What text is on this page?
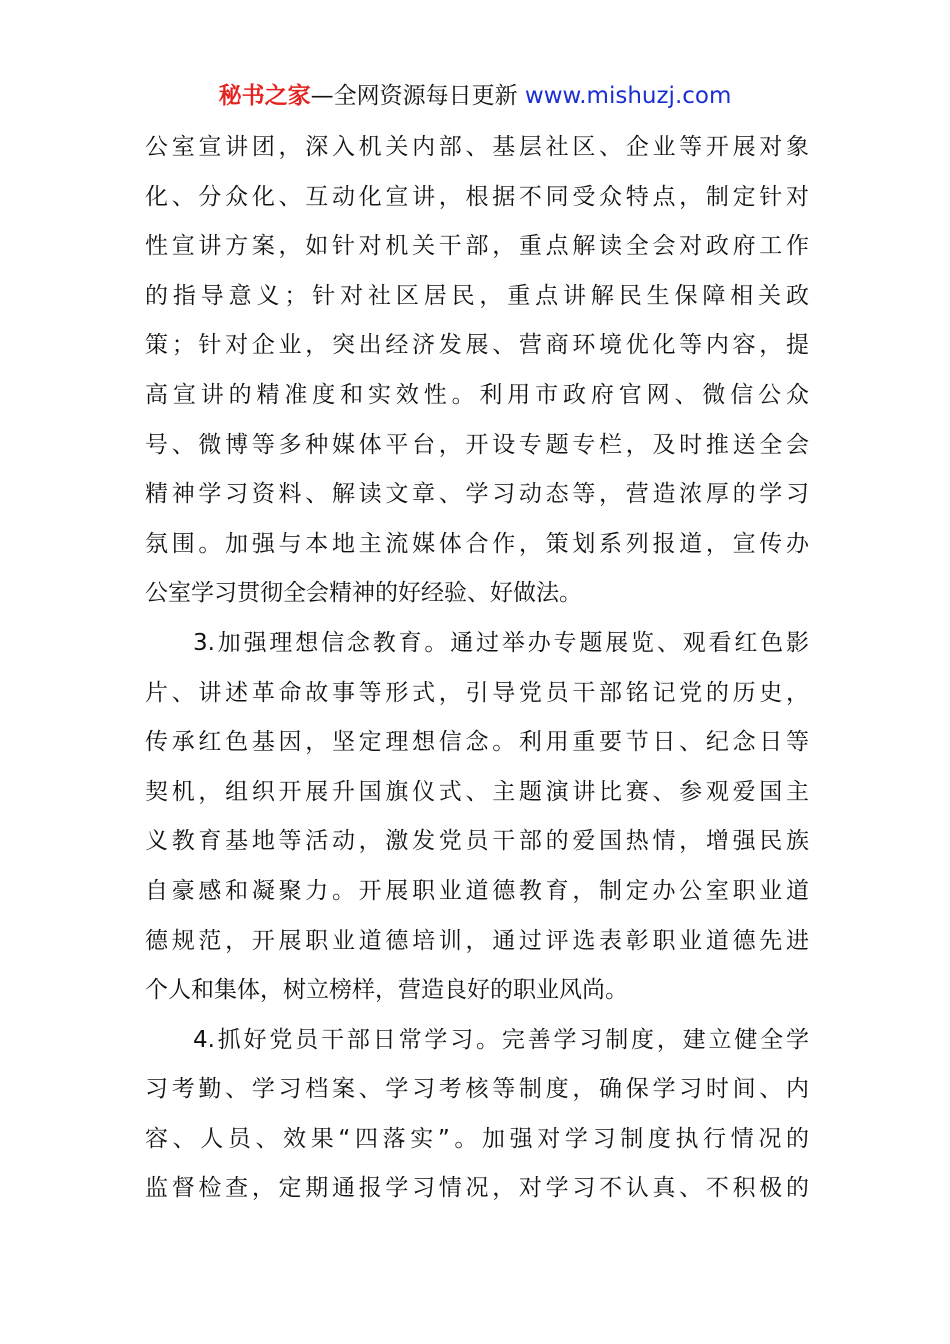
秘书之家—全网资源每日更新 www.mishuzj.com
公室宣讲团，深入机关内部、基层社区、企业等开展对象
化、分众化、互动化宣讲，根据不同受众特点，制定针对
性宣讲方案，如针对机关干部，重点解读全会对政府工作
的指导意义；针对社区居民，重点讲解民生保障相关政
策；针对企业，突出经济发展、营商环境优化等内容，提
高宣讲的精准度和实效性。利用市政府官网、微信公众
号、微博等多种媒体平台，开设专题专栏，及时推送全会
精神学习资料、解读文章、学习动态等，营造浓厚的学习
氛围。加强与本地主流媒体合作，策划系列报道，宣传办
公室学习贯彻全会精神的好经验、好做法。
3.加强理想信念教育。通过举办专题展览、观看红色影
片、讲述革命故事等形式，引导党员干部铭记党的历史，
传承红色基因，坚定理想信念。利用重要节日、纪念日等
契机，组织开展升国旗仪式、主题演讲比赛、参观爱国主
义教育基地等活动，激发党员干部的爱国热情，增强民族
自豪感和凝聚力。开展职业道德教育，制定办公室职业道
德规范，开展职业道德培训，通过评选表彰职业道德先进
个人和集体，树立榜样，营造良好的职业风尚。
4.抓好党员干部日常学习。完善学习制度，建立健全学
习考勤、学习档案、学习考核等制度，确保学习时间、内
容、人员、效果“四落实”。加强对学习制度执行情况的
监督检查，定期通报学习情况，对学习不认真、不积极的
